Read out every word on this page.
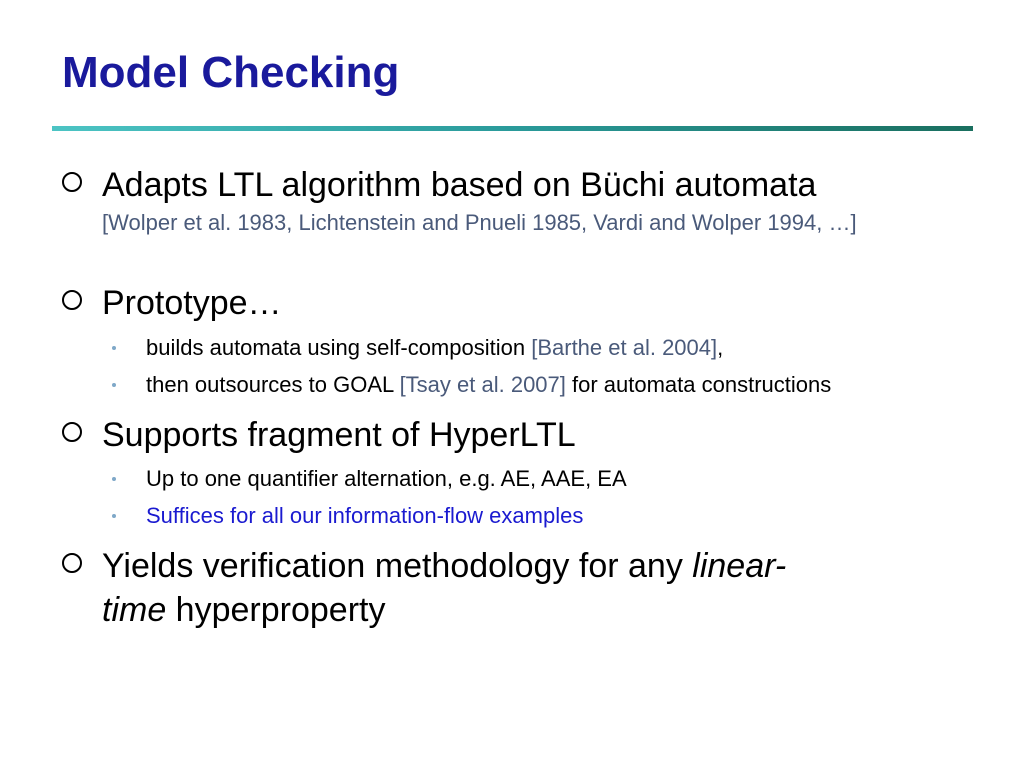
Model Checking
Adapts LTL algorithm based on Büchi automata
[Wolper et al. 1983, Lichtenstein and Pnueli 1985, Vardi and Wolper 1994, …]
Prototype…
builds automata using self-composition [Barthe et al. 2004],
then outsources to GOAL [Tsay et al. 2007] for automata constructions
Supports fragment of HyperLTL
Up to one quantifier alternation, e.g. AE, AAE, EA
Suffices for all our information-flow examples
Yields verification methodology for any linear-
time hyperproperty
